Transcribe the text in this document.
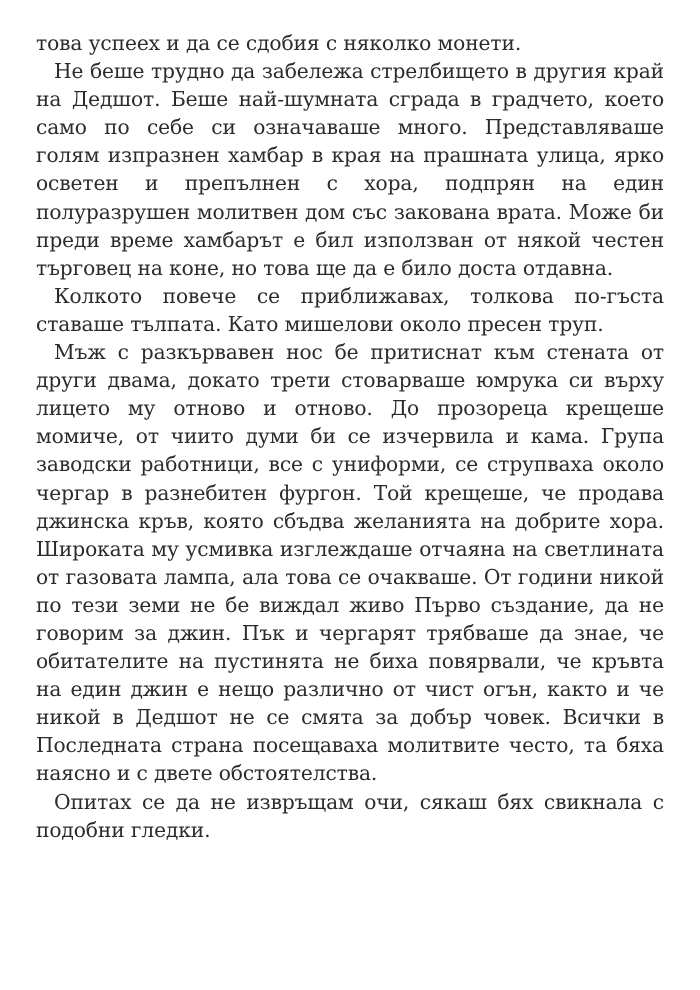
това успеех и да се сдобия с няколко монети.

Не беше трудно да забележа стрелбището в другия край на Дедшот. Беше най-шумната сграда в градчето, което само по себе си означаваше много. Представляваше голям изпразнен хамбар в края на прашната улица, ярко осветен и препълнен с хора, подпрян на един полуразрушен молитвен дом със закована врата. Може би преди време хамбарът е бил използван от някой честен търговец на коне, но това ще да е било доста отдавна.

Колкото повече се приближавах, толкова по-гъста ставаше тълпата. Като мишелови около пресен труп.

Мъж с разкървавен нос бе притиснат към стената от други двама, докато трети стоварваше юмрука си върху лицето му отново и отново. До прозореца крещеше момиче, от чиито думи би се изчервила и кама. Група заводски работници, все с униформи, се струпваха около чергар в разнебитен фургон. Той крещеше, че продава джинска кръв, която сбъдва желанията на добрите хора. Широката му усмивка изглеждаше отчаяна на светлината от газовата лампа, ала това се очакваше. От години никой по тези земи не бе виждал живо Първо създание, да не говорим за джин. Пък и чергарят трябваше да знае, че обитателите на пустинята не биха повярвали, че кръвта на един джин е нещо различно от чист огън, както и че никой в Дедшот не се смята за добър човек. Всички в Последната страна посещаваха молитвите често, та бяха наясно и с двете обстоятелства.

Опитах се да не извръщам очи, сякаш бях свикнала с подобни гледки.
